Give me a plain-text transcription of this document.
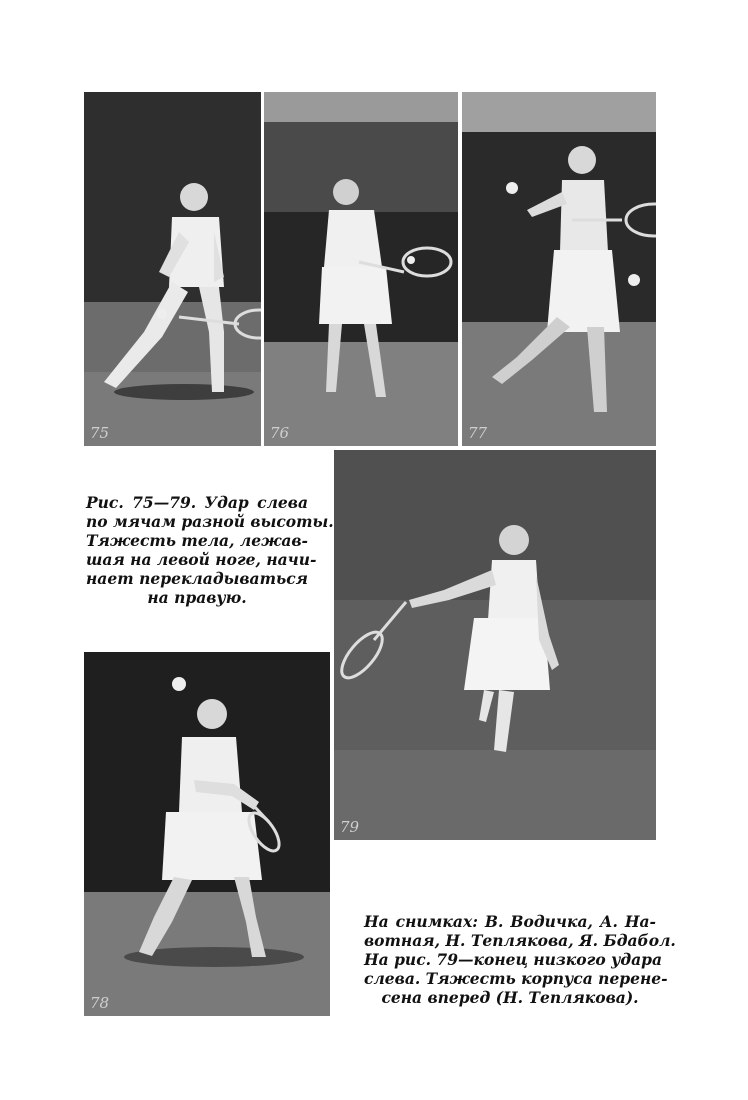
75	76	77

Рис. 75—79. Удар слева
по мячам разной высоты.
Тяжесть тела, лежав-
шая на левой ноге, начи-
нает перекладываться
на правую.

79
78

На снимках: В. Водичка, А. На-
вотная, Н. Теплякова, Я. Бдабол.
На рис. 79—конец низкого удара
слева. Тяжесть корпуса перене-
сена вперед (Н. Теплякова).
